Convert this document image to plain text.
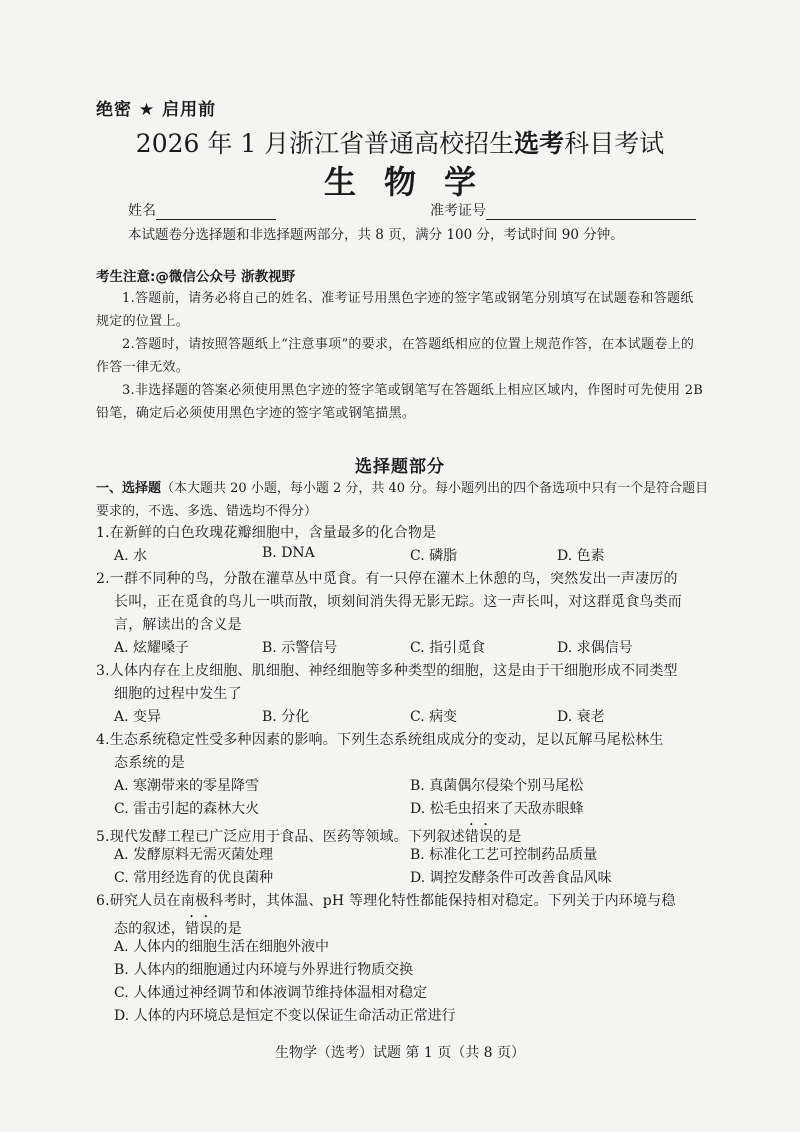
绝密 ★ 启用前
2026 年 1 月浙江省普通高校招生选考科目考试
生物学
姓名	准考证号
本试题卷分选择题和非选择题两部分，共 8 页，满分 100 分，考试时间 90 分钟。
考生注意:@微信公众号 浙教视野
1.答题前，请务必将自己的姓名、准考证号用黑色字迹的签字笔或钢笔分别填写在试题卷和答题纸规定的位置上。
2.答题时，请按照答题纸上“注意事项”的要求，在答题纸相应的位置上规范作答，在本试题卷上的作答一律无效。
3.非选择题的答案必须使用黑色字迹的签字笔或钢笔写在答题纸上相应区域内，作图时可先使用 2B 铅笔，确定后必须使用黑色字迹的签字笔或钢笔描黑。
选择题部分
一、选择题（本大题共 20 小题，每小题 2 分，共 40 分。每小题列出的四个备选项中只有一个是符合题目要求的，不选、多选、错选均不得分）
1.在新鲜的白色玫瑰花瓣细胞中，含量最多的化合物是
A. 水	B. DNA	C. 磷脂	D. 色素
2.一群不同种的鸟，分散在灌草丛中觅食。有一只停在灌木上休憩的鸟，突然发出一声凄厉的
长叫，正在觅食的鸟儿一哄而散，顷刻间消失得无影无踪。这一声长叫，对这群觅食鸟类而
言，解读出的含义是
A. 炫耀嗓子	B. 示警信号	C. 指引觅食	D. 求偶信号
3.人体内存在上皮细胞、肌细胞、神经细胞等多种类型的细胞，这是由于干细胞形成不同类型
细胞的过程中发生了
A. 变异	B. 分化	C. 病变	D. 衰老
4.生态系统稳定性受多种因素的影响。下列生态系统组成成分的变动，足以瓦解马尾松林生
态系统的是
A. 寒潮带来的零星降雪	B. 真菌偶尔侵染个别马尾松
C. 雷击引起的森林大火	D. 松毛虫招来了天敌赤眼蜂
5.现代发酵工程已广泛应用于食品、医药等领域。下列叙述错误的是
A. 发酵原料无需灭菌处理	B. 标准化工艺可控制药品质量
C. 常用经选育的优良菌种	D. 调控发酵条件可改善食品风味
6.研究人员在南极科考时，其体温、pH 等理化特性都能保持相对稳定。下列关于内环境与稳
态的叙述，错误的是
A. 人体内的细胞生活在细胞外液中
B. 人体内的细胞通过内环境与外界进行物质交换
C. 人体通过神经调节和体液调节维持体温相对稳定
D. 人体的内环境总是恒定不变以保证生命活动正常进行
生物学（选考）试题 第 1 页（共 8 页）
